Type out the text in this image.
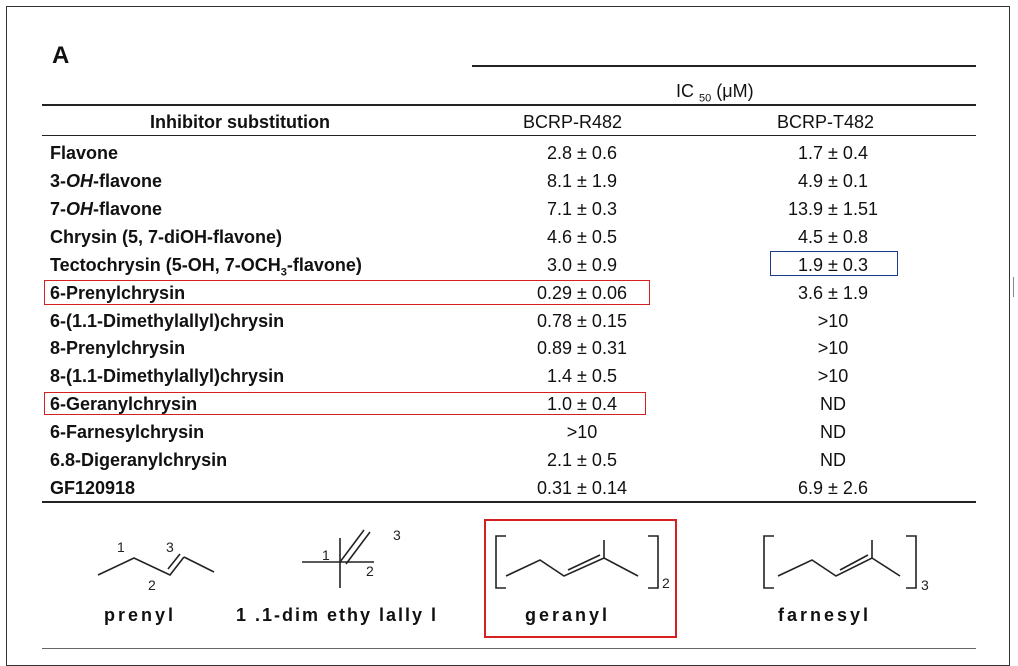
A
IC $_{50}$ (μM)
Inhibitor substitution	BCRP-R482	BCRP-T482
Flavone	2.8 ± 0.6	1.7 ± 0.4
3-OH-flavone	8.1 ± 1.9	4.9 ± 0.1
7-OH-flavone	7.1 ± 0.3	13.9 ± 1.51
Chrysin (5, 7-diOH-flavone)	4.6 ± 0.5	4.5 ± 0.8
Tectochrysin (5-OH, $7-OCH_3-flavone$)	3.0 ± 0.9	1.9 ± 0.3
6-Prenylchrysin	0.29 ± 0.06	3.6 ± 1.9
6-(1.1-Dimethylallyl)chrysin	0.78 ± 0.15	>10
8-Prenylchrysin	0.89 ± 0.31	>10
8-(1.1-Dimethylallyl)chrysin	1.4 ± 0.5	>10
6-Geranylchrysin	1.0 ± 0.4	ND
6-Farnesylchrysin	>10	ND
6.8-Digeranylchrysin	2.1 ± 0.5	ND
GF120918	0.31 ± 0.14	6.9 ± 2.6
1	3
2
1
2
3
2	3
prenyl	1 .1-dim ethy lally l	geranyl	farnesyl
